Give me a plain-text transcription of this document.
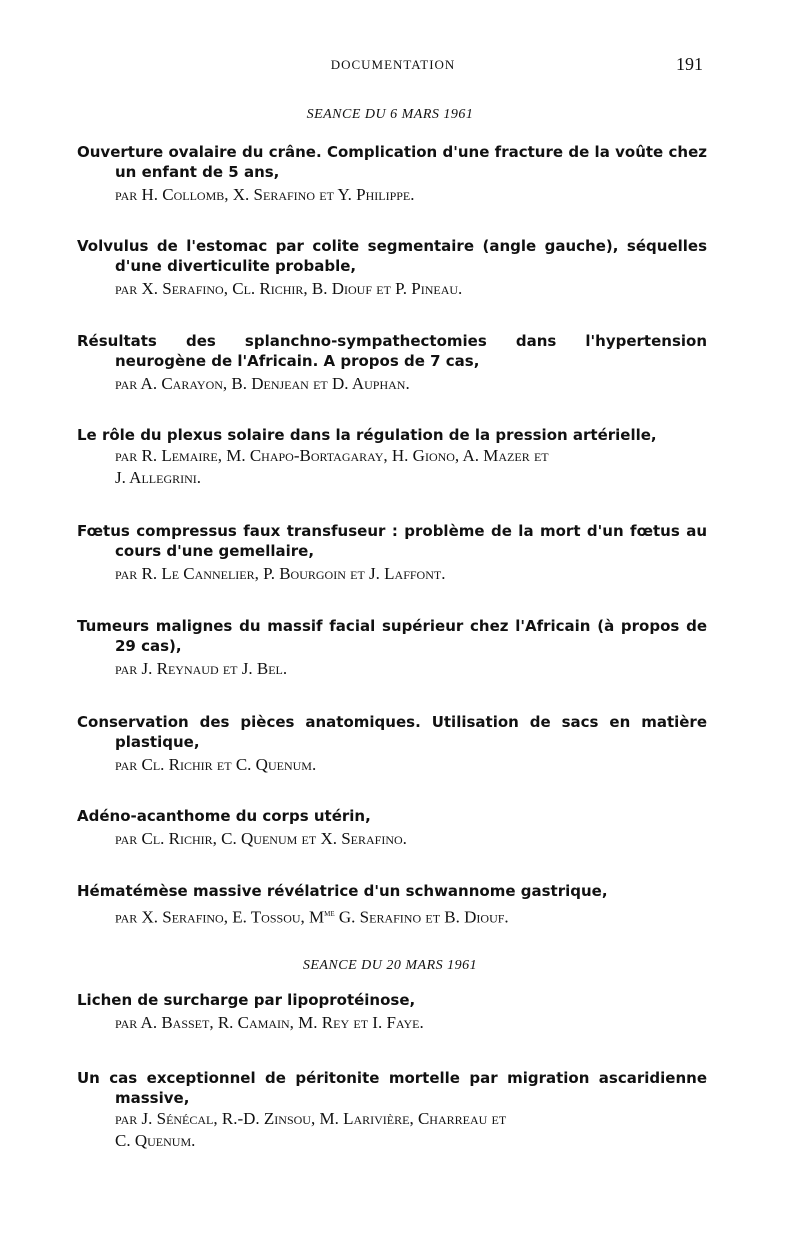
DOCUMENTATION	191
SEANCE DU 6 MARS 1961
Ouverture ovalaire du crâne. Complication d'une fracture de la voûte chez un enfant de 5 ans,
par H. Collomb, X. Serafino et Y. Philippe.
Volvulus de l'estomac par colite segmentaire (angle gauche), séquelles d'une diverticulite probable,
par X. Serafino, Cl. Richir, B. Diouf et P. Pineau.
Résultats des splanchno-sympathectomies dans l'hypertension neurogène de l'Africain. A propos de 7 cas,
par A. Carayon, B. Denjean et D. Auphan.
Le rôle du plexus solaire dans la régulation de la pression artérielle,
par R. Lemaire, M. Chapo-Bortagaray, H. Giono, A. Mazer et
J. Allegrini.
Fœtus compressus faux transfuseur : problème de la mort d'un fœtus au cours d'une gemellaire,
par R. Le Cannelier, P. Bourgoin et J. Laffont.
Tumeurs malignes du massif facial supérieur chez l'Africain (à propos de 29 cas),
par J. Reynaud et J. Bel.
Conservation des pièces anatomiques. Utilisation de sacs en matière plastique,
par Cl. Richir et C. Quenum.
Adéno-acanthome du corps utérin,
par Cl. Richir, C. Quenum et X. Serafino.
Hématémèse massive révélatrice d'un schwannome gastrique,
par X. Serafino, E. Tossou, $M^{me}$ G. Serafino et B. Diouf.
SEANCE DU 20 MARS 1961
Lichen de surcharge par lipoprotéinose,
par A. Basset, R. Camain, M. Rey et I. Faye.
Un cas exceptionnel de péritonite mortelle par migration ascaridienne massive,
par J. Sénécal, R.-D. Zinsou, M. Larivière, Charreau et
C. Quenum.
